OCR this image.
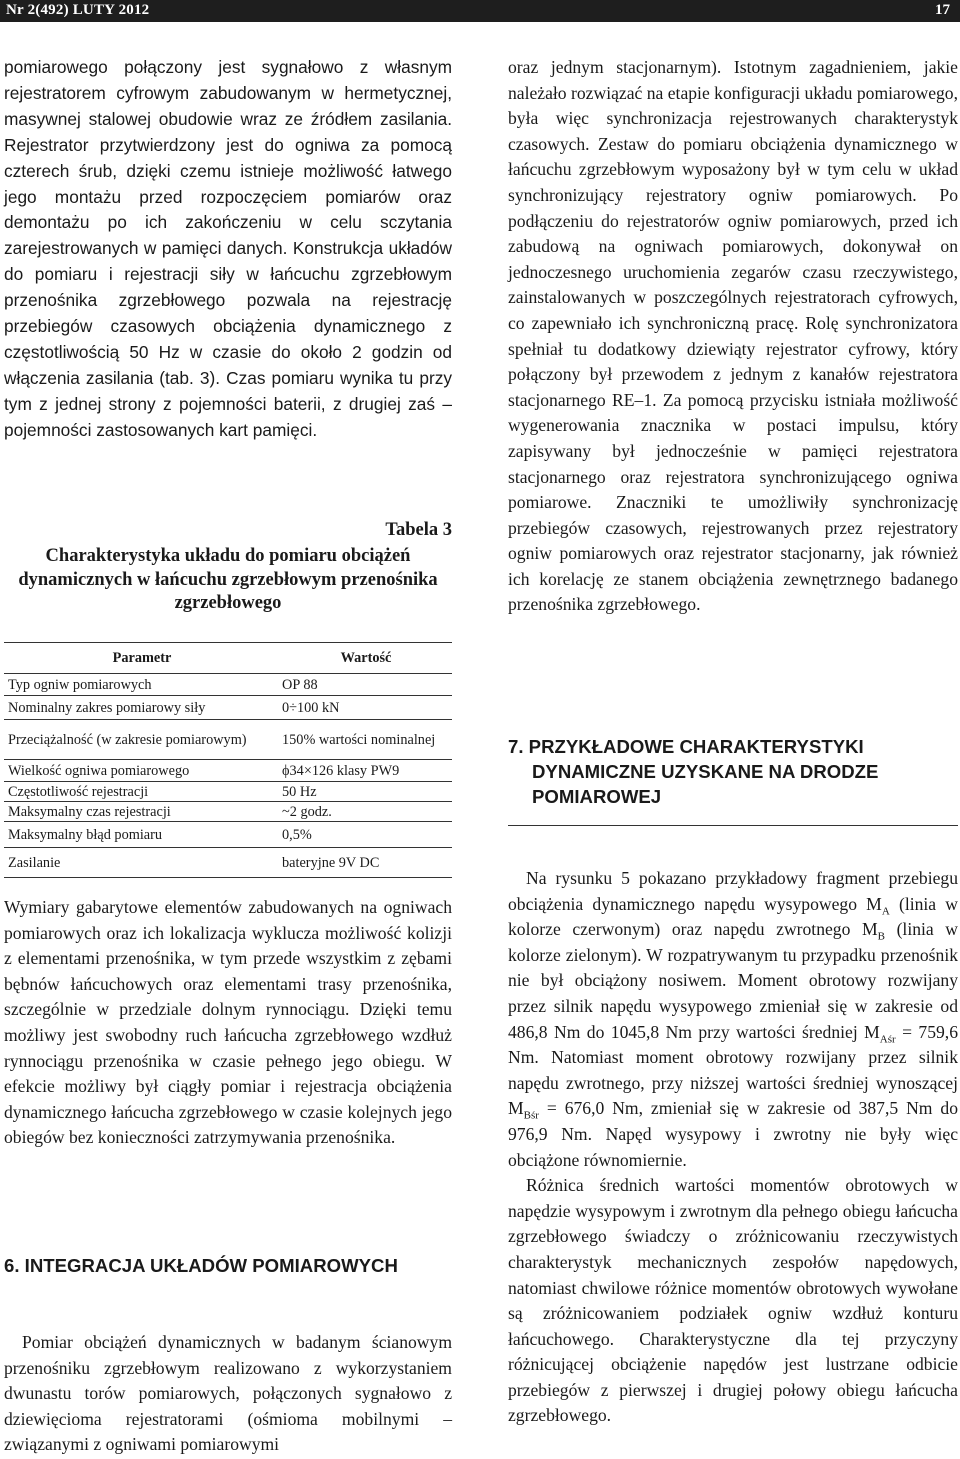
Nr 2(492) LUTY 2012	17

pomiarowego połączony jest sygnałowo z własnym rejestratorem cyfrowym zabudowanym w hermetycznej, masywnej stalowej obudowie wraz ze źródłem zasilania. Rejestrator przytwierdzony jest do ogniwa za pomocą czterech śrub, dzięki czemu istnieje możliwość łatwego jego montażu przed rozpoczęciem pomiarów oraz demontażu po ich zakończeniu w celu sczytania zarejestrowanych w pamięci danych. Konstrukcja układów do pomiaru i rejestracji siły w łańcuchu zgrzebłowym przenośnika zgrzebłowego pozwala na rejestrację przebiegów czasowych obciążenia dynamicznego z częstotliwością 50 Hz w czasie do około 2 godzin od włączenia zasilania (tab. 3). Czas pomiaru wynika tu przy tym z jednej strony z pojemności baterii, z drugiej zaś – pojemności zastosowanych kart pamięci.

Tabela 3
Charakterystyka układu do pomiaru obciążeń dynamicznych w łańcuchu zgrzebłowym przenośnika zgrzebłowego
Parametr	Wartość
Typ ogniw pomiarowych	OP 88
Nominalny zakres pomiarowy siły	0÷100 kN
Przeciążalność (w zakresie pomiarowym)	150% wartości nominalnej
Wielkość ogniwa pomiarowego	ϕ34×126 klasy PW9
Częstotliwość rejestracji	50 Hz
Maksymalny czas rejestracji	~2 godz.
Maksymalny błąd pomiaru	0,5%
Zasilanie	bateryjne 9V DC

Wymiary gabarytowe elementów zabudowanych na ogniwach pomiarowych oraz ich lokalizacja wyklucza możliwość kolizji z elementami przenośnika, w tym przede wszystkim z zębami bębnów łańcuchowych oraz elementami trasy przenośnika, szczególnie w przedziale dolnym rynnociągu. Dzięki temu możliwy jest swobodny ruch łańcucha zgrzebłowego wzdłuż rynnociągu przenośnika w czasie pełnego jego obiegu. W efekcie możliwy był ciągły pomiar i rejestracja obciążenia dynamicznego łańcucha zgrzebłowego w czasie kolejnych jego obiegów bez konieczności zatrzymywania przenośnika.

6. INTEGRACJA UKŁADÓW POMIAROWYCH

Pomiar obciążeń dynamicznych w badanym ścianowym przenośniku zgrzebłowym realizowano z wykorzystaniem dwunastu torów pomiarowych, połączonych sygnałowo z dziewięcioma rejestratorami (ośmioma mobilnymi – związanymi z ogniwami pomiarowymi

oraz jednym stacjonarnym). Istotnym zagadnieniem, jakie należało rozwiązać na etapie konfiguracji układu pomiarowego, była więc synchronizacja rejestrowanych charakterystyk czasowych. Zestaw do pomiaru obciążenia dynamicznego w łańcuchu zgrzebłowym wyposażony był w tym celu w układ synchronizujący rejestratory ogniw pomiarowych. Po podłączeniu do rejestratorów ogniw pomiarowych, przed ich zabudową na ogniwach pomiarowych, dokonywał on jednoczesnego uruchomienia zegarów czasu rzeczywistego, zainstalowanych w poszczególnych rejestratorach cyfrowych, co zapewniało ich synchroniczną pracę. Rolę synchronizatora spełniał tu dodatkowy dziewiąty rejestrator cyfrowy, który połączony był przewodem z jednym z kanałów rejestratora stacjonarnego RE–1. Za pomocą przycisku istniała możliwość wygenerowania znacznika w postaci impulsu, który zapisywany był jednocześnie w pamięci rejestratora stacjonarnego oraz rejestratora synchronizującego ogniwa pomiarowe. Znaczniki te umożliwiły synchronizację przebiegów czasowych, rejestrowanych przez rejestratory ogniw pomiarowych oraz rejestrator stacjonarny, jak również ich korelację ze stanem obciążenia zewnętrznego badanego przenośnika zgrzebłowego.

7. PRZYKŁADOWE CHARAKTERYSTYKI
DYNAMICZNE UZYSKANE NA DRODZE
POMIAROWEJ

Na rysunku 5 pokazano przykładowy fragment przebiegu obciążenia dynamicznego napędu wysypowego $M_A$ (linia w kolorze czerwonym) oraz napędu zwrotnego $M_B$ (linia w kolorze zielonym). W rozpatrywanym tu przypadku przenośnik nie był obciążony nosiwem. Moment obrotowy rozwijany przez silnik napędu wysypowego zmieniał się w zakresie od 486,8 Nm do 1045,8 Nm przy wartości średniej $M_{Aśr} = 759,6$ Nm. Natomiast moment obrotowy rozwijany przez silnik napędu zwrotnego, przy niższej wartości średniej wynoszącej $M_{Bśr} = 676,0$ Nm, zmieniał się w zakresie od 387,5 Nm do 976,9 Nm. Napęd wysypowy i zwrotny nie były więc obciążone równomiernie.

Różnica średnich wartości momentów obrotowych w napędzie wysypowym i zwrotnym dla pełnego obiegu łańcucha zgrzebłowego świadczy o zróżnicowaniu rzeczywistych charakterystyk mechanicznych zespołów napędowych, natomiast chwilowe różnice momentów obrotowych wywołane są zróżnicowaniem podziałek ogniw wzdłuż konturu łańcuchowego. Charakterystyczne dla tej przyczyny różnicującej obciążenie napędów jest lustrzane odbicie przebiegów z pierwszej i drugiej połowy obiegu łańcucha zgrzebłowego.
